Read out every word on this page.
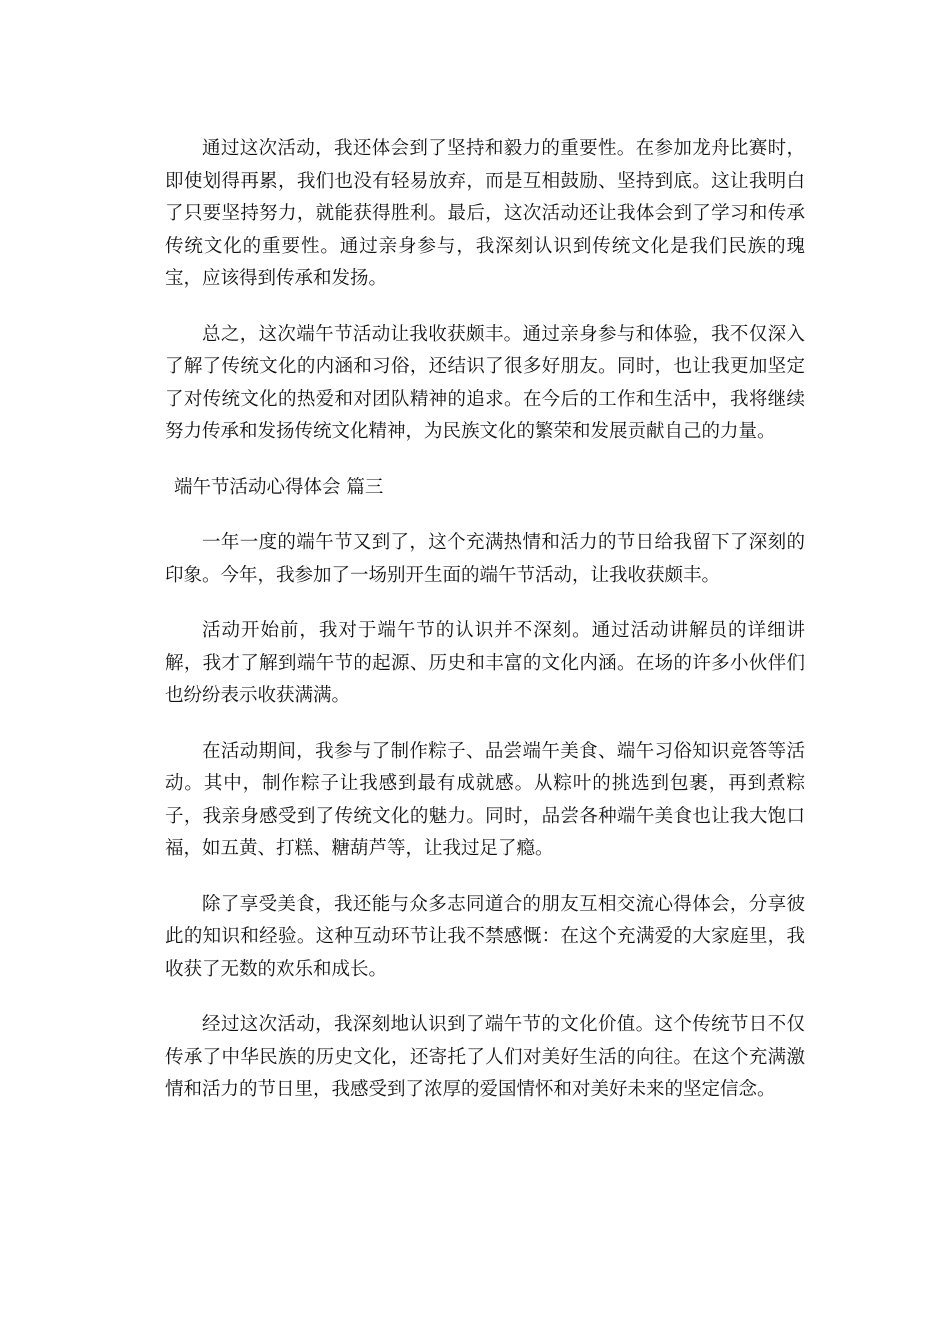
通过这次活动，我还体会到了坚持和毅力的重要性。在参加龙舟比赛时，即使划得再累，我们也没有轻易放弃，而是互相鼓励、坚持到底。这让我明白了只要坚持努力，就能获得胜利。最后，这次活动还让我体会到了学习和传承传统文化的重要性。通过亲身参与，我深刻认识到传统文化是我们民族的瑰宝，应该得到传承和发扬。

总之，这次端午节活动让我收获颇丰。通过亲身参与和体验，我不仅深入了解了传统文化的内涵和习俗，还结识了很多好朋友。同时，也让我更加坚定了对传统文化的热爱和对团队精神的追求。在今后的工作和生活中，我将继续努力传承和发扬传统文化精神，为民族文化的繁荣和发展贡献自己的力量。

端午节活动心得体会 篇三

一年一度的端午节又到了，这个充满热情和活力的节日给我留下了深刻的印象。今年，我参加了一场别开生面的端午节活动，让我收获颇丰。

活动开始前，我对于端午节的认识并不深刻。通过活动讲解员的详细讲解，我才了解到端午节的起源、历史和丰富的文化内涵。在场的许多小伙伴们也纷纷表示收获满满。

在活动期间，我参与了制作粽子、品尝端午美食、端午习俗知识竞答等活动。其中，制作粽子让我感到最有成就感。从粽叶的挑选到包裹，再到煮粽子，我亲身感受到了传统文化的魅力。同时，品尝各种端午美食也让我大饱口福，如五黄、打糕、糖葫芦等，让我过足了瘾。

除了享受美食，我还能与众多志同道合的朋友互相交流心得体会，分享彼此的知识和经验。这种互动环节让我不禁感慨：在这个充满爱的大家庭里，我收获了无数的欢乐和成长。

经过这次活动，我深刻地认识到了端午节的文化价值。这个传统节日不仅传承了中华民族的历史文化，还寄托了人们对美好生活的向往。在这个充满激情和活力的节日里，我感受到了浓厚的爱国情怀和对美好未来的坚定信念。
